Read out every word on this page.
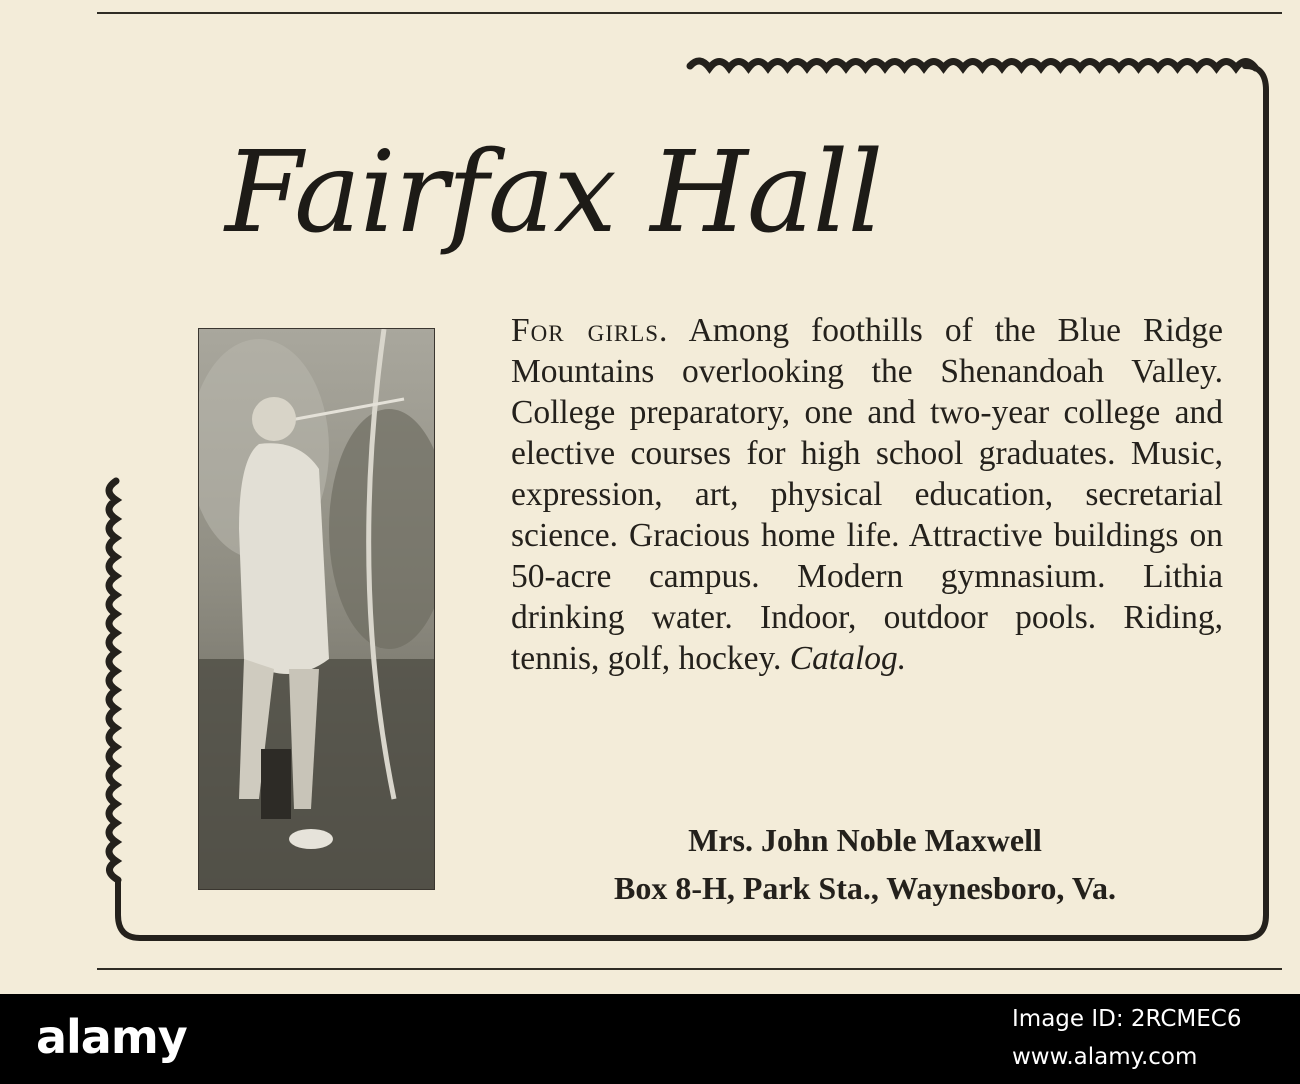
Fairfax Hall
For girls. Among foothills of the Blue Ridge Mountains overlooking the Shenandoah Valley. College preparatory, one and two-year college and elective courses for high school graduates. Music, expression, art, physical education, secretarial science. Gracious home life. Attractive buildings on 50-acre campus. Modern gymnasium. Lithia drinking water. Indoor, outdoor pools. Riding, tennis, golf, hockey. Catalog.
Mrs. John Noble Maxwell
Box 8-H, Park Sta., Waynesboro, Va.
alamy	Image ID: 2RCMEC6
www.alamy.com
